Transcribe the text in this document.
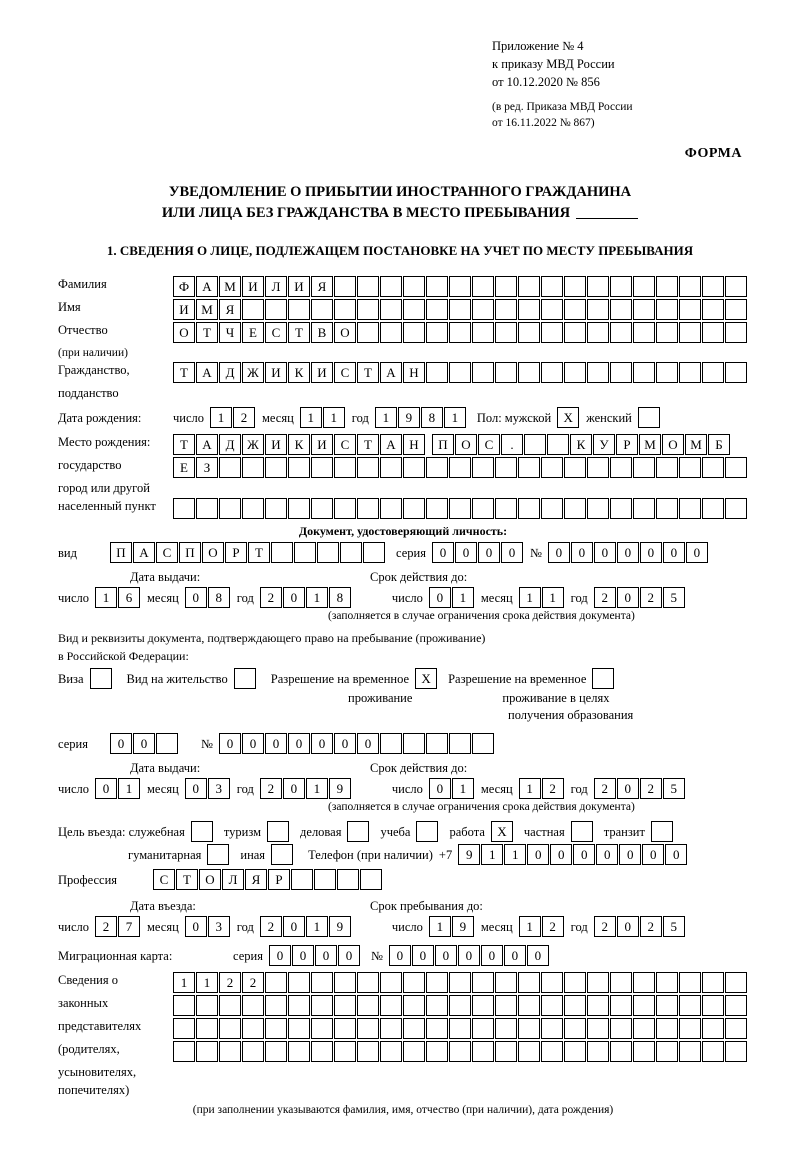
Приложение № 4
к приказу МВД России
от 10.12.2020 № 856
(в ред. Приказа МВД России
от 16.11.2022 № 867)
ФОРМА
УВЕДОМЛЕНИЕ О ПРИБЫТИИ ИНОСТРАННОГО ГРАЖДАНИНА
ИЛИ ЛИЦА БЕЗ ГРАЖДАНСТВА В МЕСТО ПРЕБЫВАНИЯ
1. СВЕДЕНИЯ О ЛИЦЕ, ПОДЛЕЖАЩЕМ ПОСТАНОВКЕ НА УЧЕТ ПО МЕСТУ ПРЕБЫВАНИЯ
Фамилия	Ф	А М И	Л	И	Я
Имя	И М Я
Отчество	О	Т	Ч	Е	С	Т	В	О
(при наличии)
Гражданство,	Т	А	Д Ж И	К	И	С	Т	А	Н
подданство
Дата рождения:	число	1	2	месяц	1	1	год	1	9	8	1	Пол: мужской Х	женский
Место рождения:	Т	А	Д Ж И	К	И	С	Т	А	Н	П	О	С	.	К	У	Р	М О М	Б
государство	Е	З
город или другой
населенный пункт
Документ, удостоверяющий личность:
вид	П	А	С	П	О	Р	Т	серия	0	0	0	0	№	0	0	0	0	0	0	0
Дата выдачи:	Срок действия до:
число	1	6	месяц	0	8	год	2	0	1	8	число	0	1	месяц	1	1	год	2	0	2	5
(заполняется в случае ограничения срока действия документа)
Вид и реквизиты документа, подтверждающего право на пребывание (проживание)
в Российской Федерации:
Виза	Вид на жительство	Разрешение на временное Х	Разрешение на временное
проживание	проживание в целях
получения образования
серия	0	0	№	0	0	0	0	0	0	0
Дата выдачи:	Срок действия до:
число	0	1	месяц	0	3	год	2	0	1	9	число	0	1	месяц	1	2	год	2	0	2	5
(заполняется в случае ограничения срока действия документа)
Цель въезда: служебная	туризм	деловая	учеба	работа Х	частная	транзит
гуманитарная	иная	Телефон (при наличии) +7	9	1	1	0	0	0	0	0	0	0
Профессия	С	Т	О	Л	Я	Р
Дата въезда:	Срок пребывания до:
число	2	7	месяц	0	3	год	2	0	1	9	число	1	9	месяц	1	2	год	2	0	2	5
Миграционная карта:	серия	0	0	0	0	№	0	0	0	0	0	0	0
Сведения о	1	1	2	2
законных
представителях
(родителях,
усыновителях,
попечителях)
(при заполнении указываются фамилия, имя, отчество (при наличии), дата рождения)
